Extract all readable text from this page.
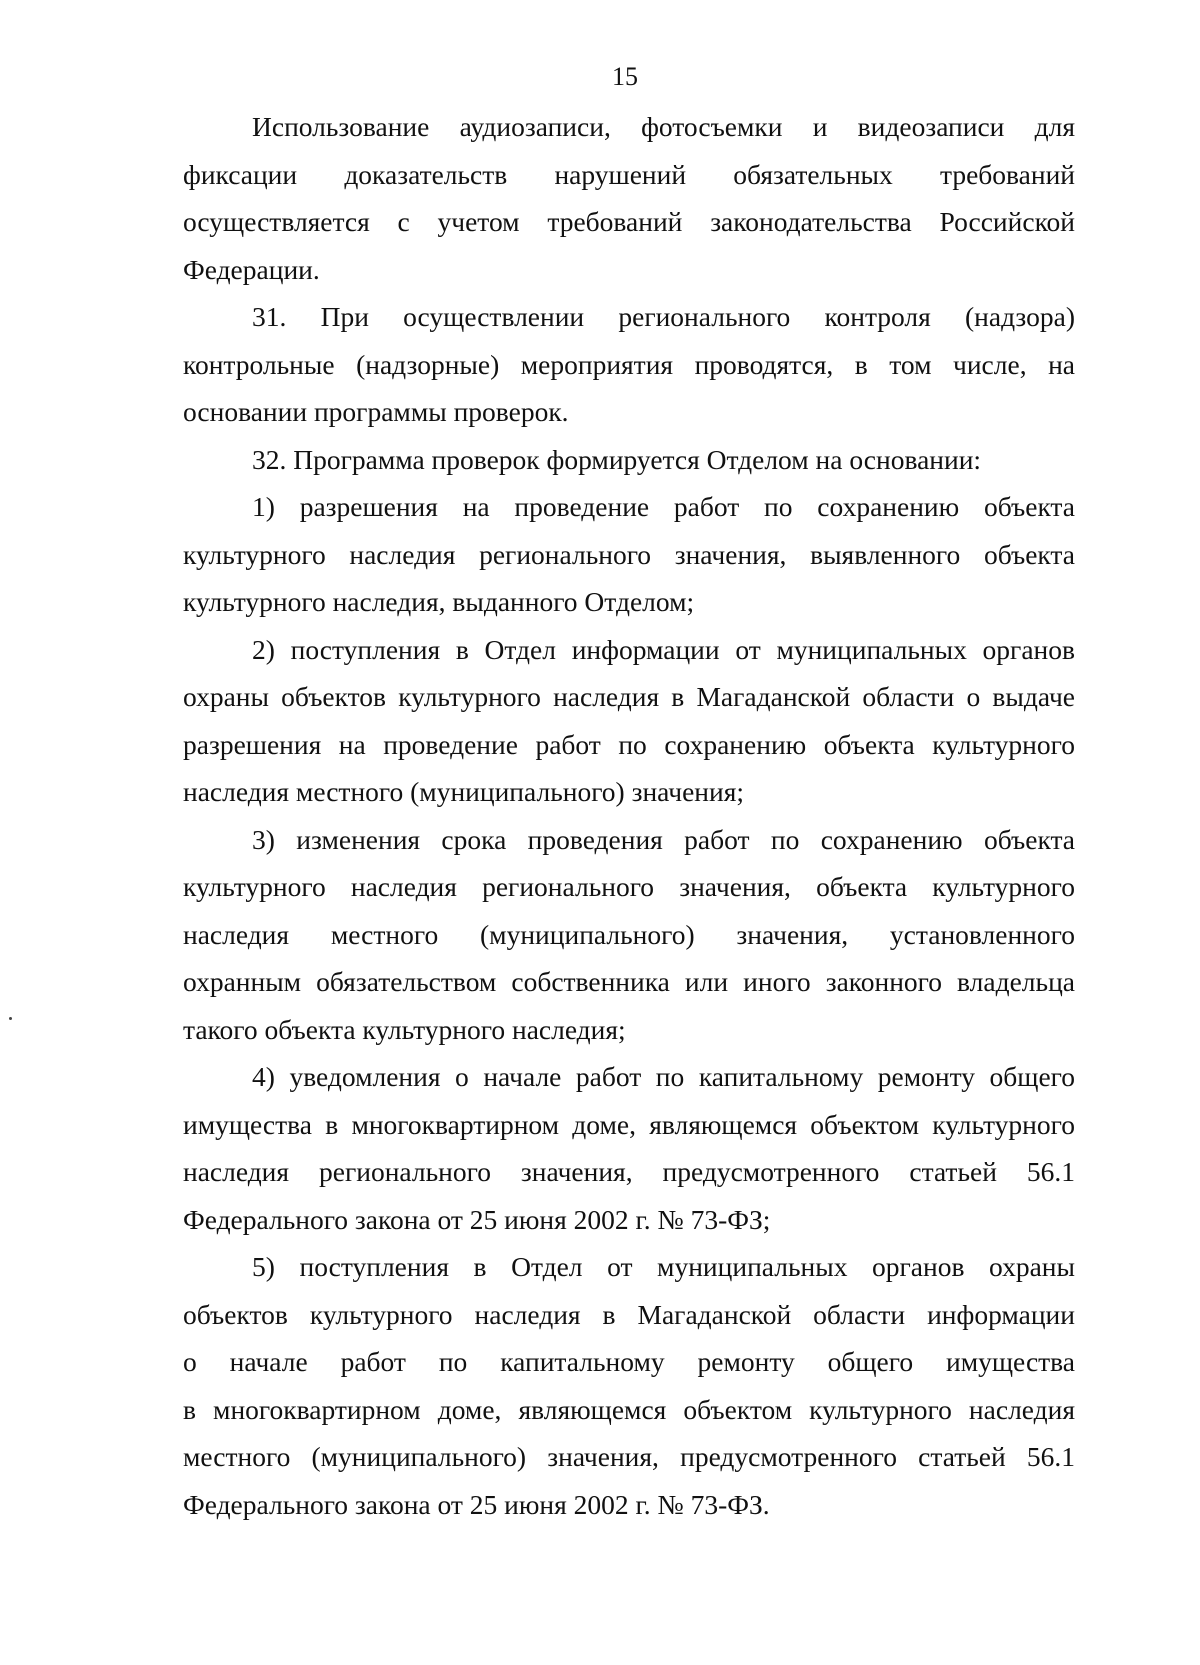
15
Использование аудиозаписи, фотосъемки и видеозаписи для
фиксации доказательств нарушений обязательных требований
осуществляется с учетом требований законодательства Российской
Федерации.
31. При осуществлении регионального контроля (надзора)
контрольные (надзорные) мероприятия проводятся, в том числе, на
основании программы проверок.
32. Программа проверок формируется Отделом на основании:
1) разрешения на проведение работ по сохранению объекта
культурного наследия регионального значения, выявленного объекта
культурного наследия, выданного Отделом;
2) поступления в Отдел информации от муниципальных органов
охраны объектов культурного наследия в Магаданской области о выдаче
разрешения на проведение работ по сохранению объекта культурного
наследия местного (муниципального) значения;
3) изменения срока проведения работ по сохранению объекта
культурного наследия регионального значения, объекта культурного
наследия местного (муниципального) значения, установленного
охранным обязательством собственника или иного законного владельца
такого объекта культурного наследия;
4) уведомления о начале работ по капитальному ремонту общего
имущества в многоквартирном доме, являющемся объектом культурного
наследия регионального значения, предусмотренного статьей 56.1
Федерального закона от 25 июня 2002 г. № 73-ФЗ;
5) поступления в Отдел от муниципальных органов охраны
объектов культурного наследия в Магаданской области информации
о начале работ по капитальному ремонту общего имущества
в многоквартирном доме, являющемся объектом культурного наследия
местного (муниципального) значения, предусмотренного статьей 56.1
Федерального закона от 25 июня 2002 г. № 73-ФЗ.
